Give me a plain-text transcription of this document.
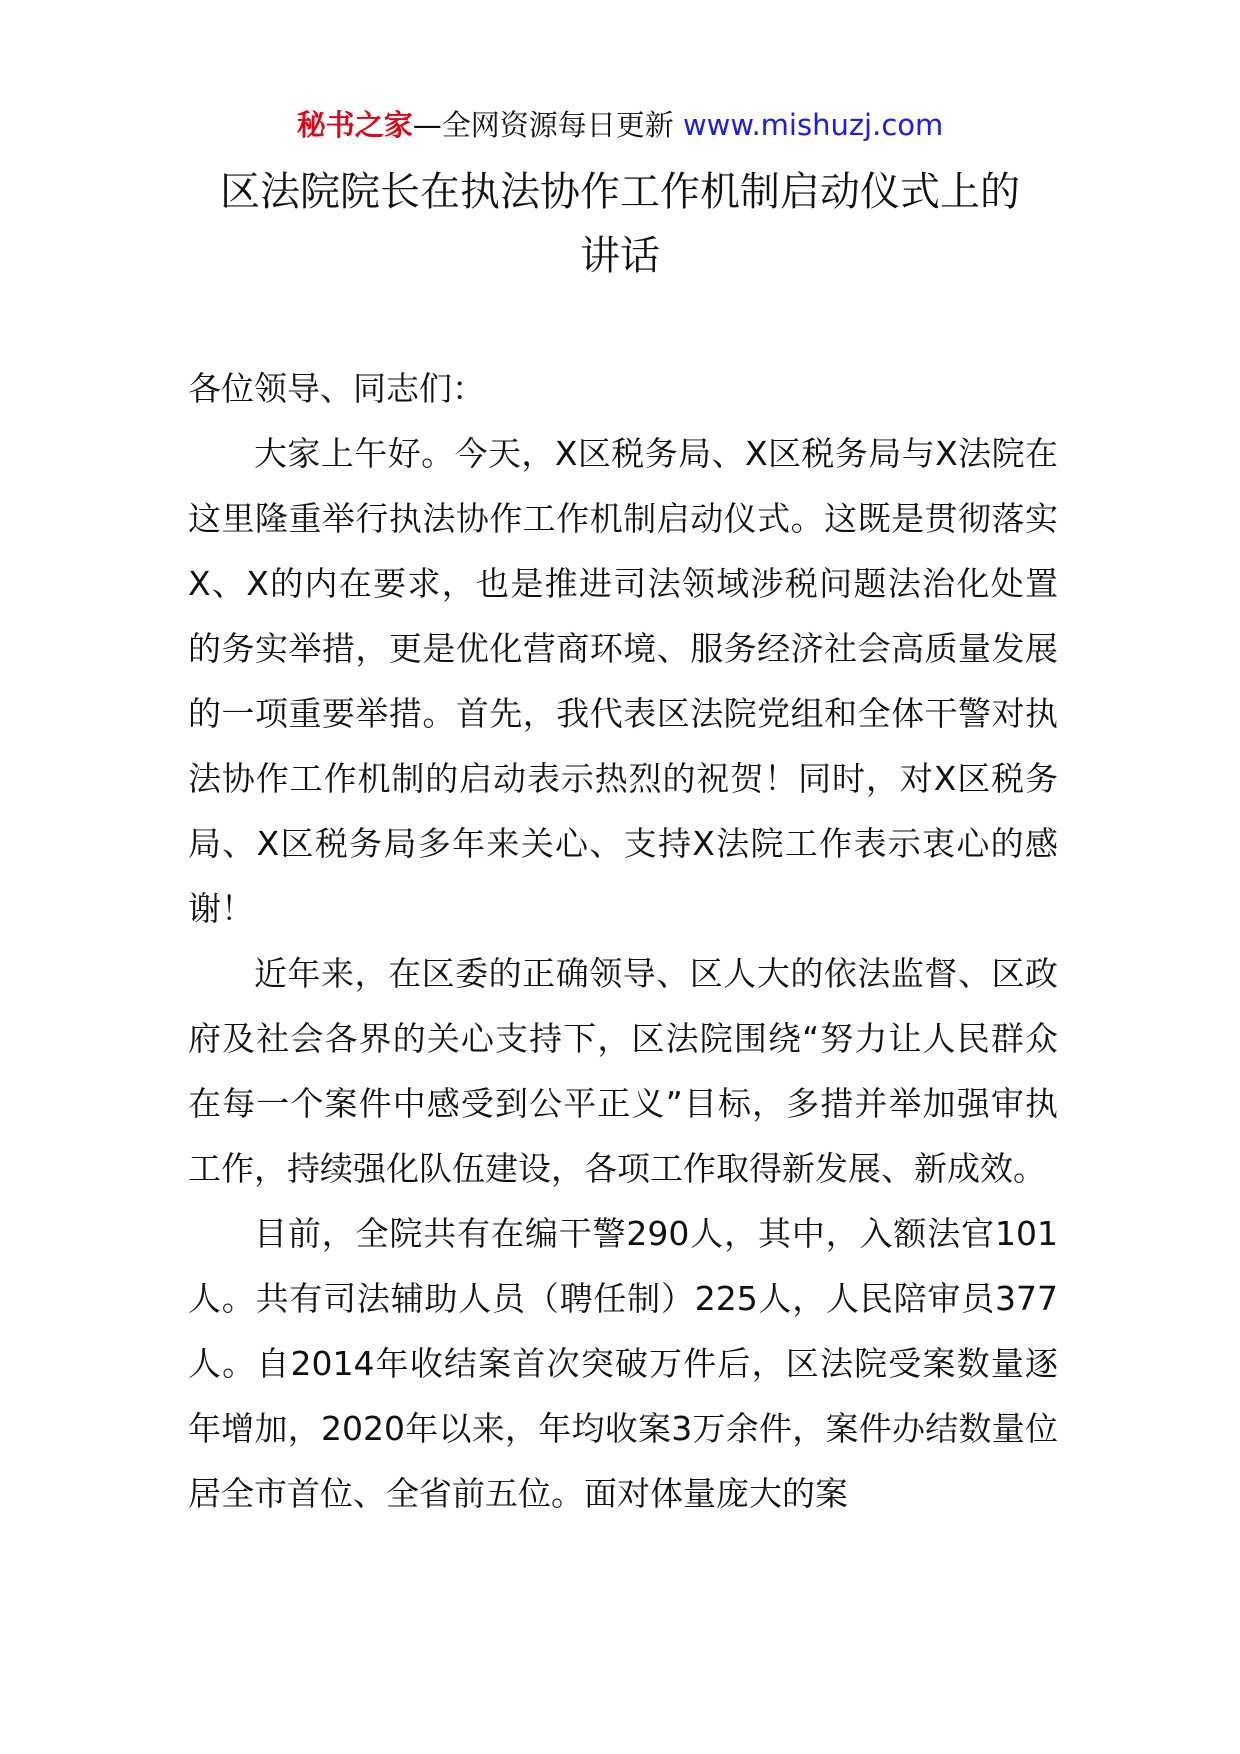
秘书之家—全网资源每日更新 www.mishuzj.com
区法院院长在执法协作工作机制启动仪式上的
讲话

各位领导、同志们：

大家上午好。今天，X区税务局、X区税务局与X法院在这里隆重举行执法协作工作机制启动仪式。这既是贯彻落实X、X的内在要求，也是推进司法领域涉税问题法治化处置的务实举措，更是优化营商环境、服务经济社会高质量发展的一项重要举措。首先，我代表区法院党组和全体干警对执法协作工作机制的启动表示热烈的祝贺！同时，对X区税务局、X区税务局多年来关心、支持X法院工作表示衷心的感谢！

近年来，在区委的正确领导、区人大的依法监督、区政府及社会各界的关心支持下，区法院围绕“努力让人民群众在每一个案件中感受到公平正义”目标，多措并举加强审执工作，持续强化队伍建设，各项工作取得新发展、新成效。

目前，全院共有在编干警290人，其中，入额法官101人。共有司法辅助人员（聘任制）225人，人民陪审员377人。自2014年收结案首次突破万件后，区法院受案数量逐年增加，2020年以来，年均收案3万余件，案件办结数量位居全市首位、全省前五位。面对体量庞大的案
